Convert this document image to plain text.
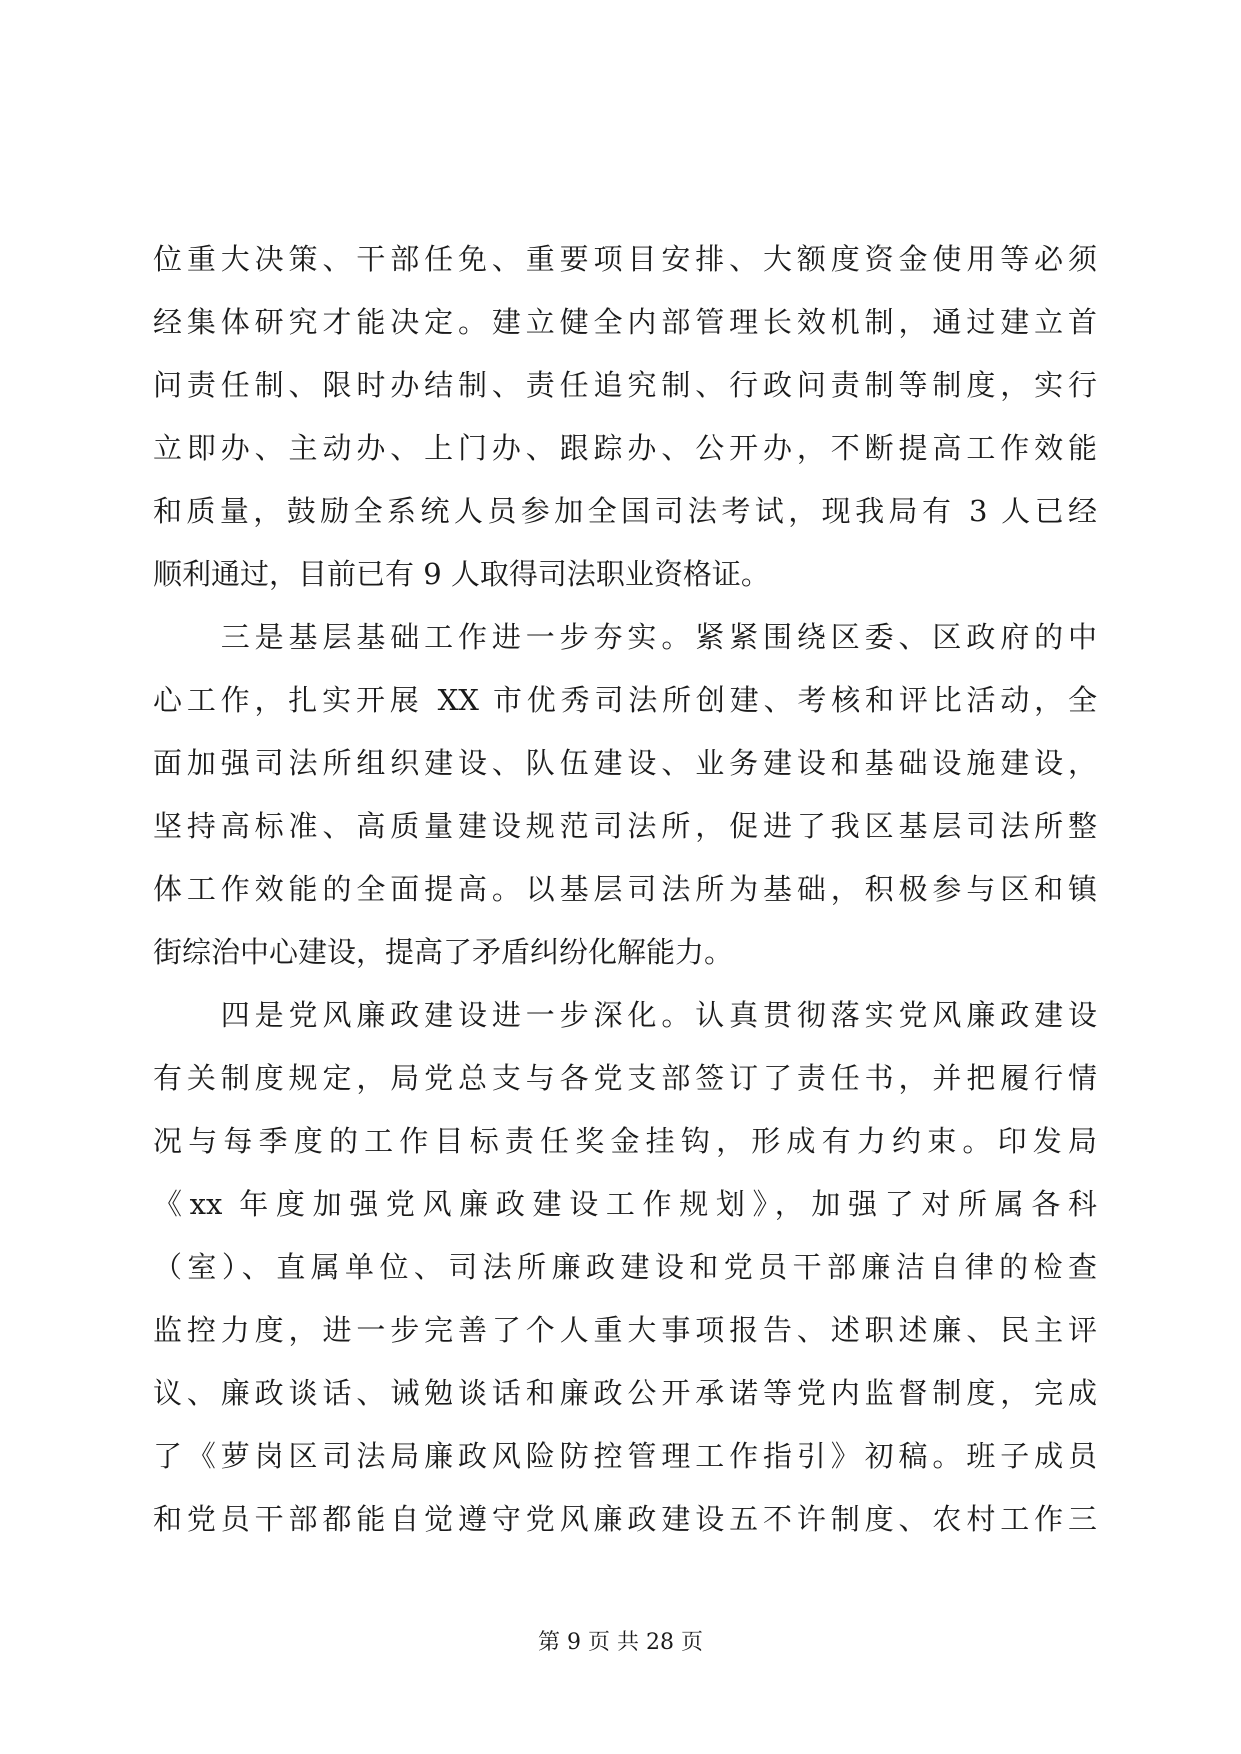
位重大决策、干部任免、重要项目安排、大额度资金使用等必须
经集体研究才能决定。建立健全内部管理长效机制，通过建立首
问责任制、限时办结制、责任追究制、行政问责制等制度，实行
立即办、主动办、上门办、跟踪办、公开办，不断提高工作效能
和质量，鼓励全系统人员参加全国司法考试，现我局有 3 人已经
顺利通过，目前已有 9 人取得司法职业资格证。
　　三是基层基础工作进一步夯实。紧紧围绕区委、区政府的中
心工作，扎实开展 XX 市优秀司法所创建、考核和评比活动，全
面加强司法所组织建设、队伍建设、业务建设和基础设施建设，
坚持高标准、高质量建设规范司法所，促进了我区基层司法所整
体工作效能的全面提高。以基层司法所为基础，积极参与区和镇
街综治中心建设，提高了矛盾纠纷化解能力。
　　四是党风廉政建设进一步深化。认真贯彻落实党风廉政建设
有关制度规定，局党总支与各党支部签订了责任书，并把履行情
况与每季度的工作目标责任奖金挂钩，形成有力约束。印发局
《xx 年度加强党风廉政建设工作规划》，加强了对所属各科
（室）、直属单位、司法所廉政建设和党员干部廉洁自律的检查
监控力度，进一步完善了个人重大事项报告、述职述廉、民主评
议、廉政谈话、诫勉谈话和廉政公开承诺等党内监督制度，完成
了《萝岗区司法局廉政风险防控管理工作指引》初稿。班子成员
和党员干部都能自觉遵守党风廉政建设五不许制度、农村工作三
第 9 页 共 28 页
